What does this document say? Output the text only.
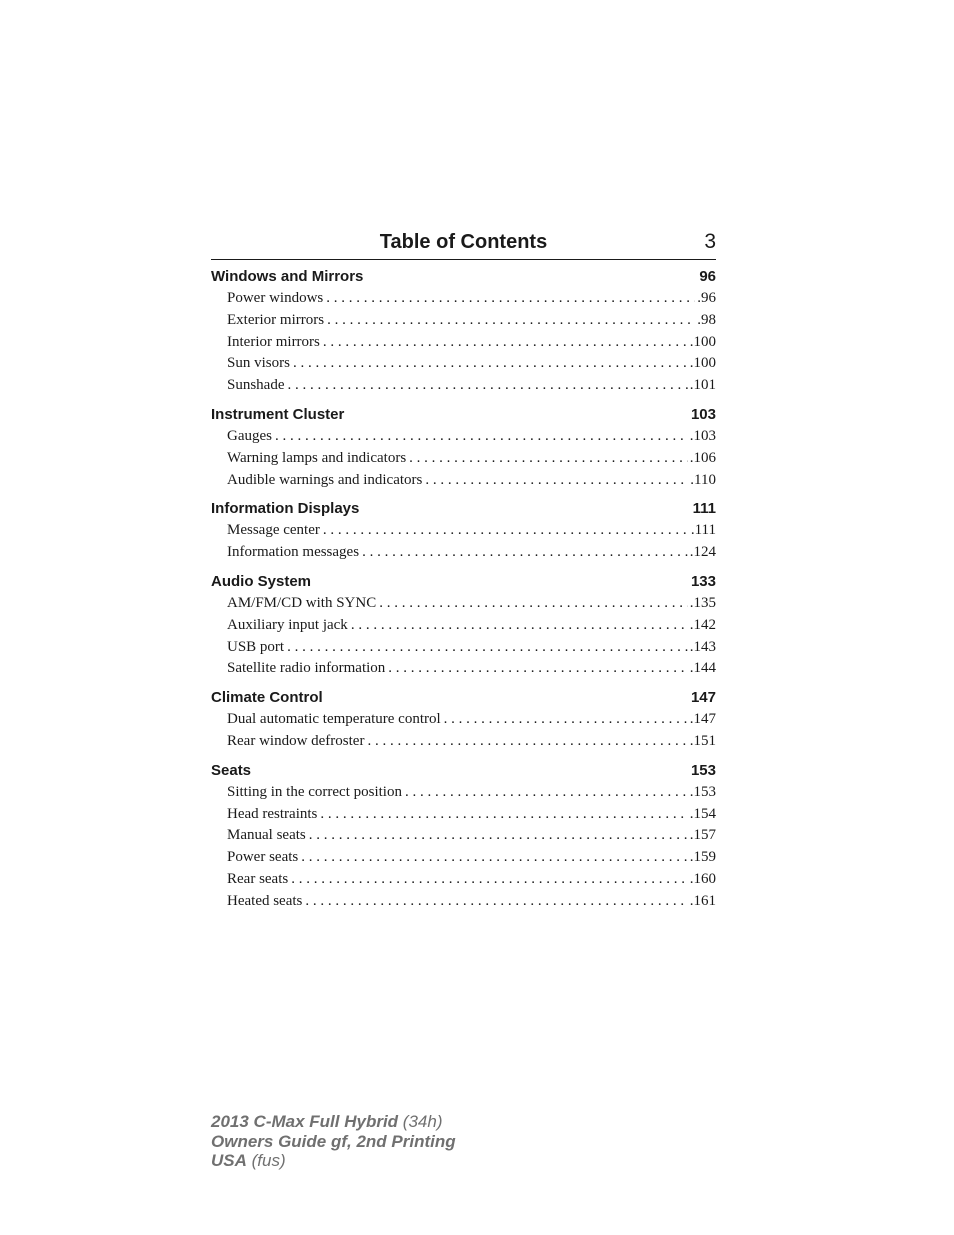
Table of Contents	3
Windows and Mirrors	96
Power windows . . .	.96
Exterior mirrors . . .	.98
Interior mirrors . . .	.100
Sun visors . . .	.100
Sunshade . . .	.101
Instrument Cluster	103
Gauges . . .	.103
Warning lamps and indicators . . .	.106
Audible warnings and indicators . . .	.110
Information Displays	111
Message center . . .	.111
Information messages . . .	.124
Audio System	133
AM/FM/CD with SYNC . . .	.135
Auxiliary input jack . . .	.142
USB port . . .	.143
Satellite radio information . . .	.144
Climate Control	147
Dual automatic temperature control . . .	.147
Rear window defroster . . .	.151
Seats	153
Sitting in the correct position . . .	.153
Head restraints . . .	.154
Manual seats . . .	.157
Power seats . . .	.159
Rear seats . . .	.160
Heated seats . . .	.161
2013 C-Max Full Hybrid (34h)
Owners Guide gf, 2nd Printing
USA (fus)
